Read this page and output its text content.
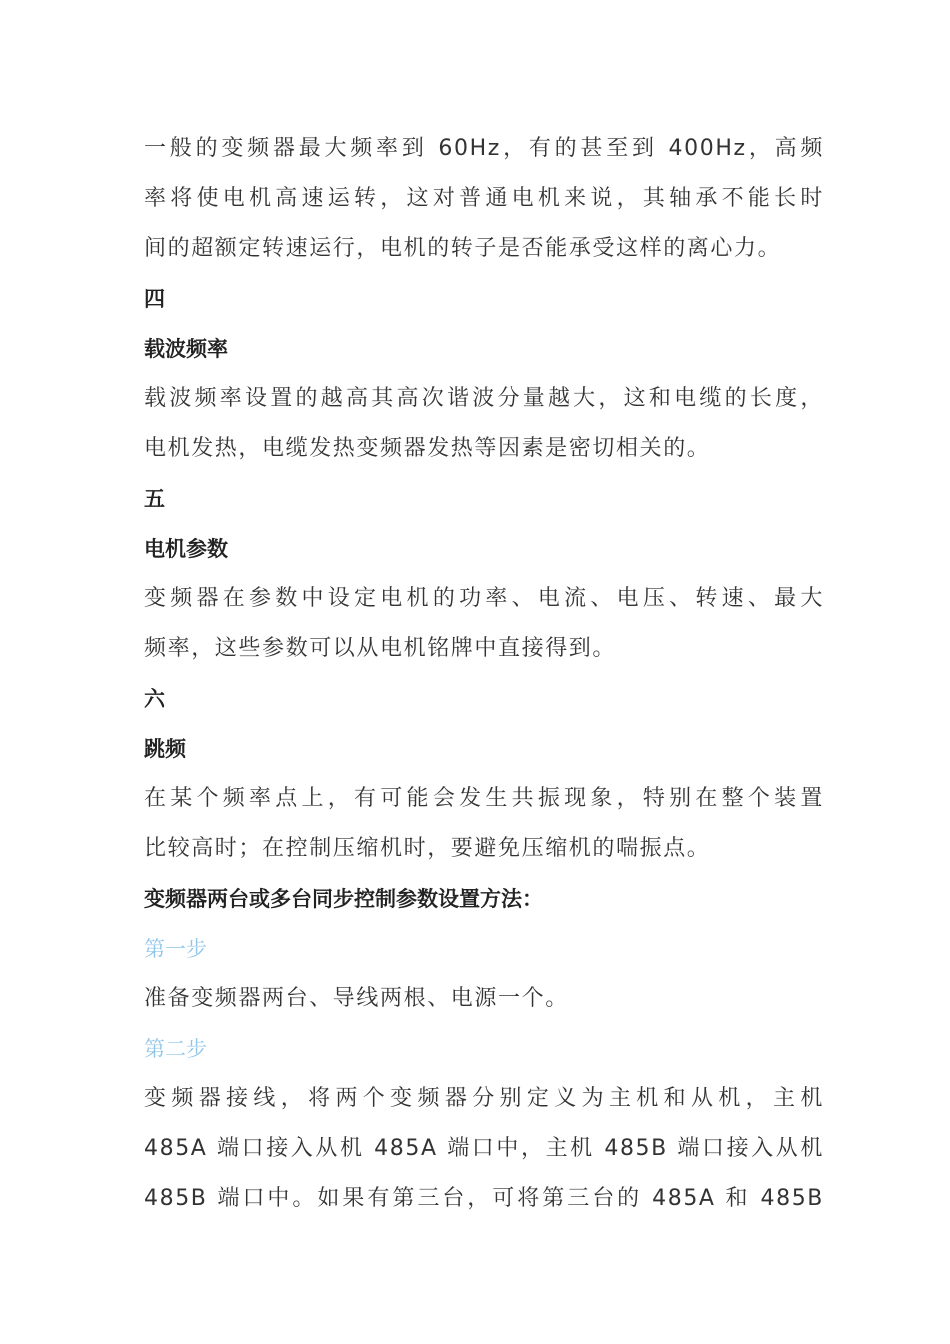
一般的变频器最大频率到 60Hz，有的甚至到 400Hz，高频
率将使电机高速运转，这对普通电机来说，其轴承不能长时
间的超额定转速运行，电机的转子是否能承受这样的离心力。
四
载波频率
载波频率设置的越高其高次谐波分量越大，这和电缆的长度，
电机发热，电缆发热变频器发热等因素是密切相关的。
五
电机参数
变频器在参数中设定电机的功率、电流、电压、转速、最大
频率，这些参数可以从电机铭牌中直接得到。
六
跳频
在某个频率点上，有可能会发生共振现象，特别在整个装置
比较高时；在控制压缩机时，要避免压缩机的喘振点。
变频器两台或多台同步控制参数设置方法：
第一步
准备变频器两台、导线两根、电源一个。
第二步
变频器接线，将两个变频器分别定义为主机和从机，主机
485A 端口接入从机 485A 端口中，主机 485B 端口接入从机
485B 端口中。如果有第三台，可将第三台的 485A 和 485B
